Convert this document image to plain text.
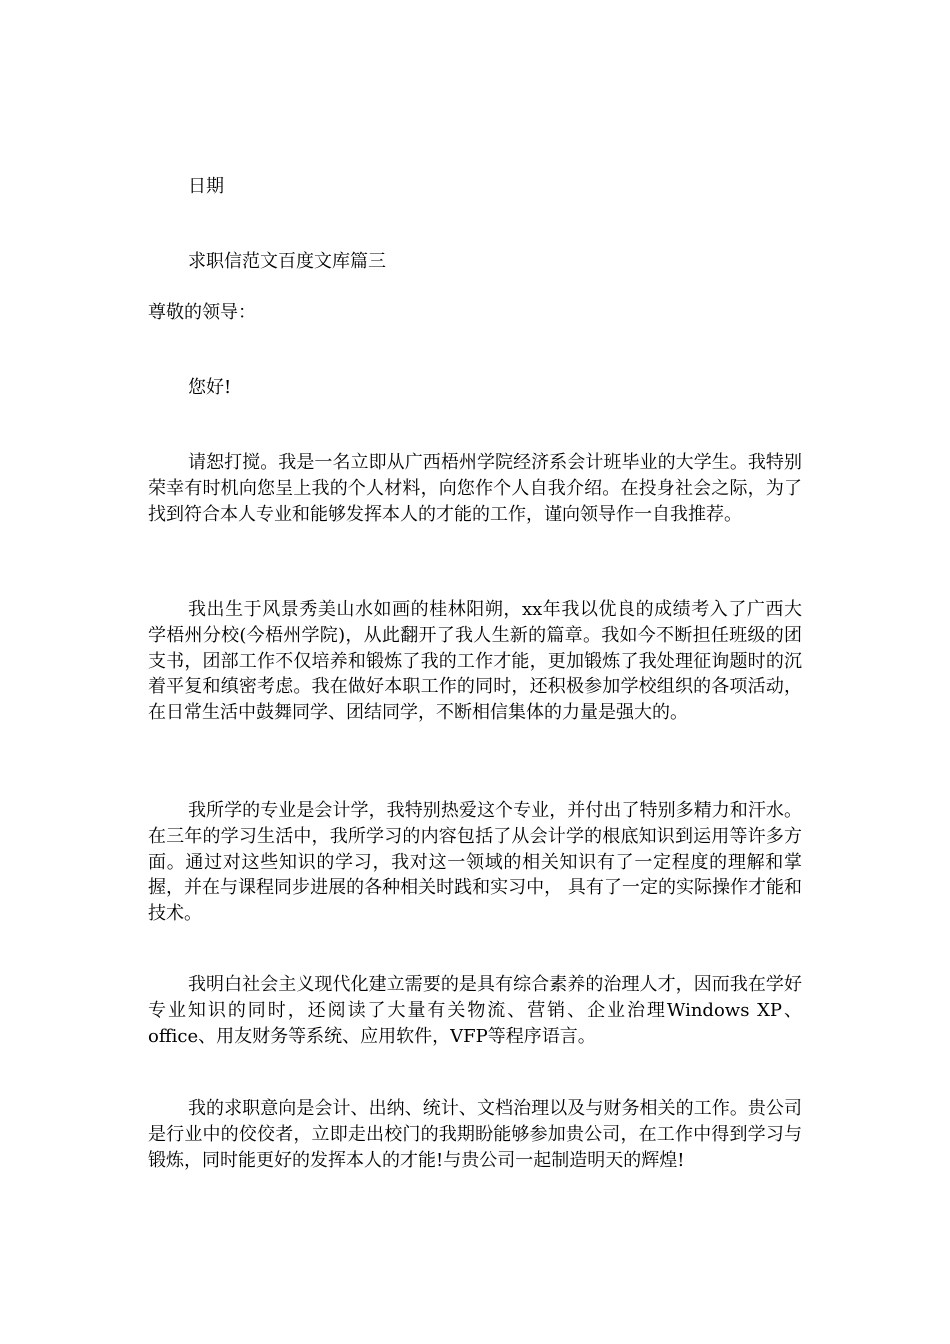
日期
求职信范文百度文库篇三
尊敬的领导：
您好!

请恕打搅。我是一名立即从广西梧州学院经济系会计班毕业的大学生。我特别荣幸有时机向您呈上我的个人材料，向您作个人自我介绍。在投身社会之际，为了找到符合本人专业和能够发挥本人的才能的工作，谨向领导作一自我推荐。

我出生于风景秀美山水如画的桂林阳朔，xx年我以优良的成绩考入了广西大学梧州分校(今梧州学院)，从此翻开了我人生新的篇章。我如今不断担任班级的团支书，团部工作不仅培养和锻炼了我的工作才能，更加锻炼了我处理征询题时的沉着平复和缜密考虑。我在做好本职工作的同时，还积极参加学校组织的各项活动，在日常生活中鼓舞同学、团结同学，不断相信集体的力量是强大的。

我所学的专业是会计学，我特别热爱这个专业，并付出了特别多精力和汗水。在三年的学习生活中，我所学习的内容包括了从会计学的根底知识到运用等许多方面。通过对这些知识的学习，我对这一领域的相关知识有了一定程度的理解和掌握，并在与课程同步进展的各种相关时践和实习中， 具有了一定的实际操作才能和技术。

我明白社会主义现代化建立需要的是具有综合素养的治理人才，因而我在学好专业知识的同时，还阅读了大量有关物流、营销、企业治理Windows XP、office、用友财务等系统、应用软件，VFP等程序语言。

我的求职意向是会计、出纳、统计、文档治理以及与财务相关的工作。贵公司是行业中的佼佼者，立即走出校门的我期盼能够参加贵公司，在工作中得到学习与锻炼，同时能更好的发挥本人的才能!与贵公司一起制造明天的辉煌!
